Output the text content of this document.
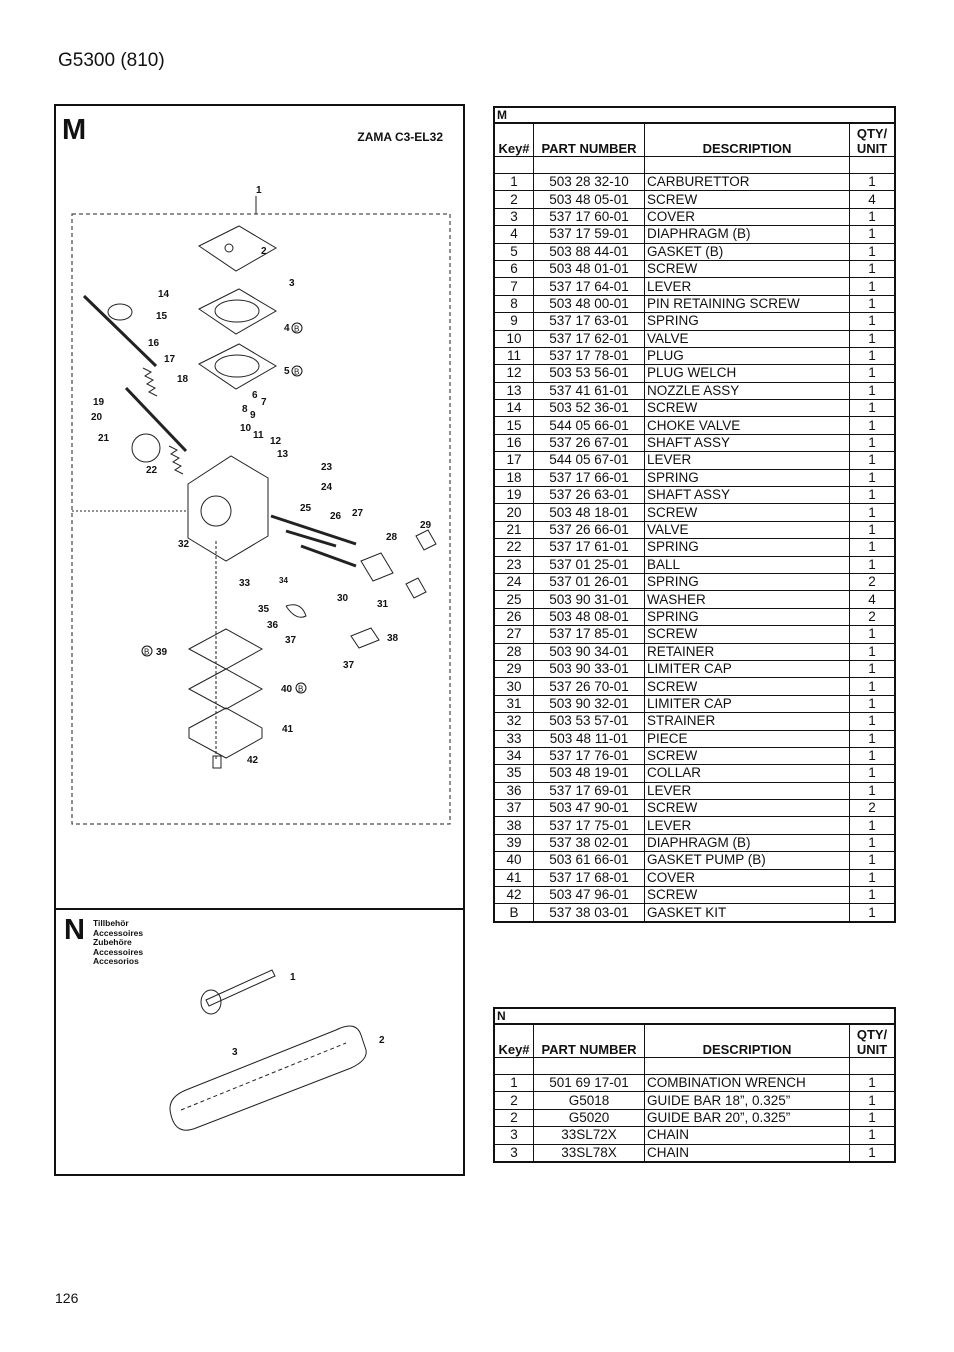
G5300 (810)
M	ZAMA C3-EL32
1
2
3
4
5
6
7
8
9
10
11
12
13
14
15
16
17
18
19
20
21
22	23
24
25
26 27
28
29
30
31
32
33	34
35
36
37
37
38
39
40
41
42
B
B
B
B
N Tillbehör
Accessoires
Zubehöre
Accessoires
Accesorios
1
2
3
M			
Key#	PART NUMBER	DESCRIPTION	QTY/
UNIT

1	503 28 32-10	CARBURETTOR	1
2	503 48 05-01	SCREW	4
3	537 17 60-01	COVER	1
4	537 17 59-01	DIAPHRAGM (B)	1
5	503 88 44-01	GASKET (B)	1
6	503 48 01-01	SCREW	1
7	537 17 64-01	LEVER	1
8	503 48 00-01	PIN RETAINING SCREW	1
9	537 17 63-01	SPRING	1
10	537 17 62-01	VALVE	1
11	537 17 78-01	PLUG	1
12	503 53 56-01	PLUG WELCH	1
13	537 41 61-01	NOZZLE ASSY	1
14	503 52 36-01	SCREW	1
15	544 05 66-01	CHOKE VALVE	1
16	537 26 67-01	SHAFT ASSY	1
17	544 05 67-01	LEVER	1
18	537 17 66-01	SPRING	1
19	537 26 63-01	SHAFT ASSY	1
20	503 48 18-01	SCREW	1
21	537 26 66-01	VALVE	1
22	537 17 61-01	SPRING	1
23	537 01 25-01	BALL	1
24	537 01 26-01	SPRING	2
25	503 90 31-01	WASHER	4
26	503 48 08-01	SPRING	2
27	537 17 85-01	SCREW	1
28	503 90 34-01	RETAINER	1
29	503 90 33-01	LIMITER CAP	1
30	537 26 70-01	SCREW	1
31	503 90 32-01	LIMITER CAP	1
32	503 53 57-01	STRAINER	1
33	503 48 11-01	PIECE	1
34	537 17 76-01	SCREW	1
35	503 48 19-01	COLLAR	1
36	537 17 69-01	LEVER	1
37	503 47 90-01	SCREW	2
38	537 17 75-01	LEVER	1
39	537 38 02-01	DIAPHRAGM (B)	1
40	503 61 66-01	GASKET PUMP (B)	1
41	537 17 68-01	COVER	1
42	503 47 96-01	SCREW	1
B	537 38 03-01	GASKET KIT	1
N			
Key#	PART NUMBER	DESCRIPTION	QTY/
UNIT

1	501 69 17-01	COMBINATION WRENCH	1
2	G5018	GUIDE BAR 18”, 0.325”	1
2	G5020	GUIDE BAR 20”, 0.325”	1
3	33SL72X	CHAIN	1
3	33SL78X	CHAIN	1
126
